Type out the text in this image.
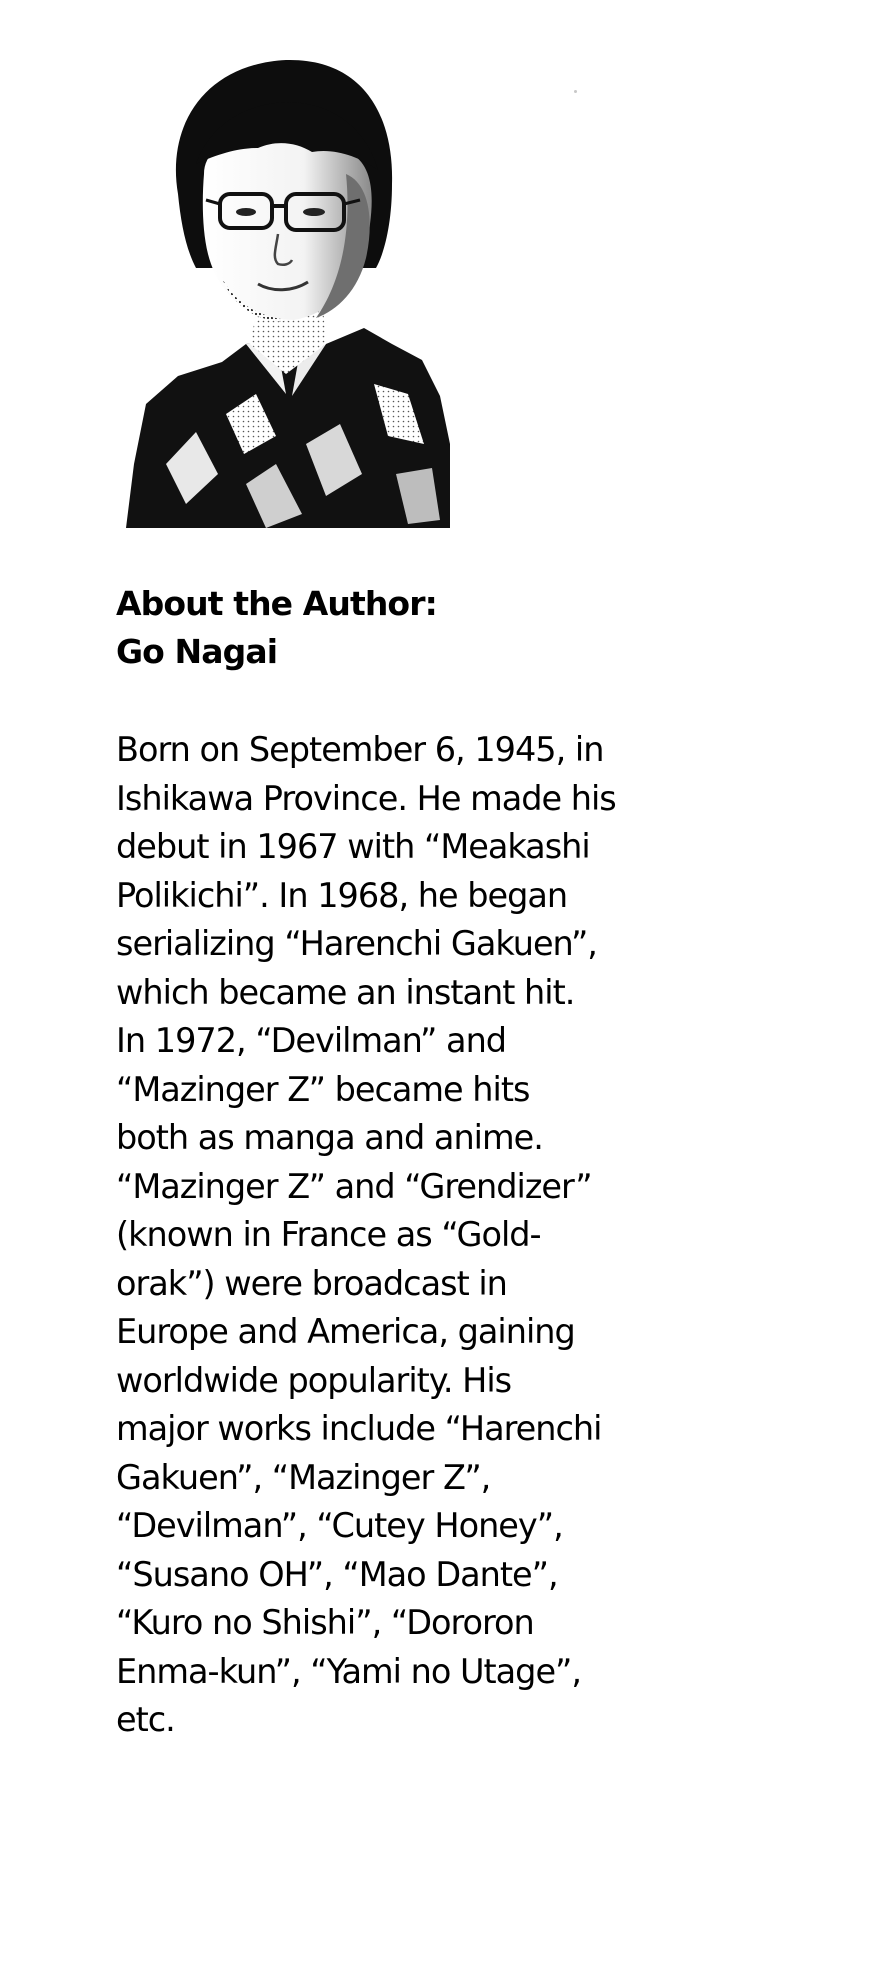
About the Author:
Go Nagai

Born on September 6, 1945, in
Ishikawa Province. He made his
debut in 1967 with “Meakashi
Polikichi”. In 1968, he began
serializing “Harenchi Gakuen”,
which became an instant hit.
In 1972, “Devilman” and
“Mazinger Z” became hits
both as manga and anime.
“Mazinger Z” and “Grendizer”
(known in France as “Gold-
orak”) were broadcast in
Europe and America, gaining
worldwide popularity. His
major works include “Harenchi
Gakuen”, “Mazinger Z”,
“Devilman”, “Cutey Honey”,
“Susano OH”, “Mao Dante”,
“Kuro no Shishi”, “Dororon
Enma-kun”, “Yami no Utage”,
etc.
